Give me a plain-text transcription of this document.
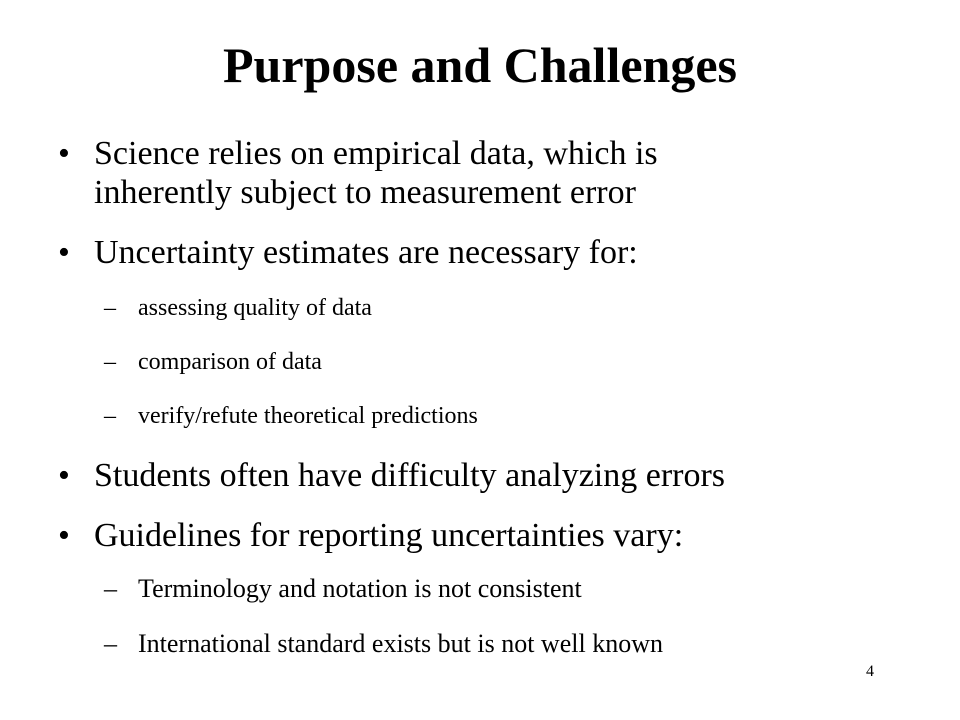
Purpose and Challenges
• Science relies on empirical data, which is
inherently subject to measurement error
• Uncertainty estimates are necessary for:
– assessing quality of data
– comparison of data
– verify/refute theoretical predictions
• Students often have difficulty analyzing errors
• Guidelines for reporting uncertainties vary:
– Terminology and notation is not consistent
– International standard exists but is not well known
4
